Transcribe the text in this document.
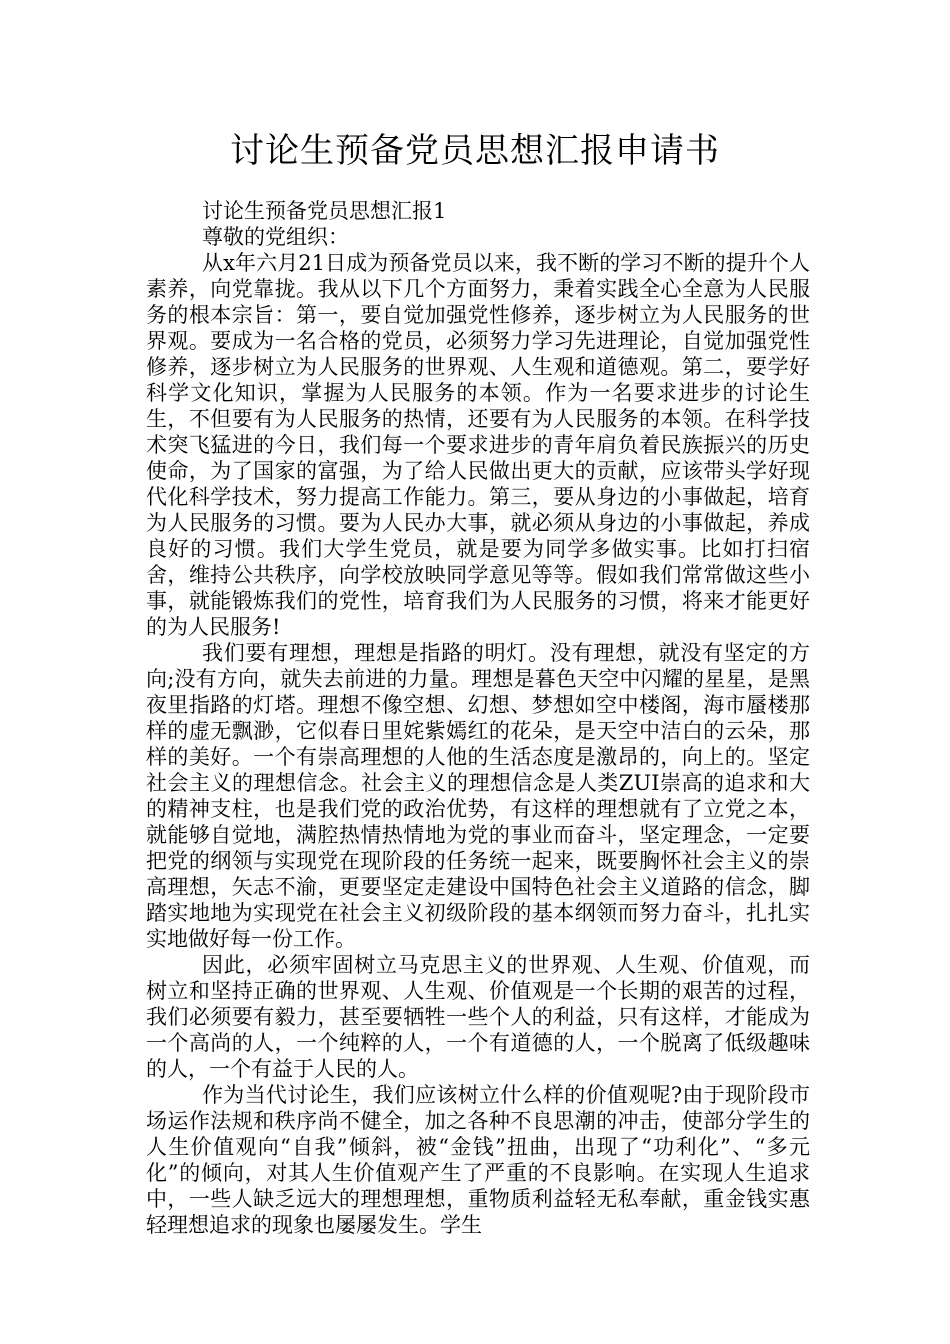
讨论生预备党员思想汇报申请书

讨论生预备党员思想汇报1

尊敬的党组织：

从x年六月21日成为预备党员以来，我不断的学习不断的提升个人素养，向党靠拢。我从以下几个方面努力，秉着实践全心全意为人民服务的根本宗旨：第一，要自觉加强党性修养，逐步树立为人民服务的世界观。要成为一名合格的党员，必须努力学习先进理论，自觉加强党性修养，逐步树立为人民服务的世界观、人生观和道德观。第二，要学好科学文化知识，掌握为人民服务的本领。作为一名要求进步的讨论生生，不但要有为人民服务的热情，还要有为人民服务的本领。在科学技术突飞猛进的今日，我们每一个要求进步的青年肩负着民族振兴的历史使命，为了国家的富强，为了给人民做出更大的贡献，应该带头学好现代化科学技术，努力提高工作能力。第三，要从身边的小事做起，培育为人民服务的习惯。要为人民办大事，就必须从身边的小事做起，养成良好的习惯。我们大学生党员，就是要为同学多做实事。比如打扫宿舍，维持公共秩序，向学校放映同学意见等等。假如我们常常做这些小事，就能锻炼我们的党性，培育我们为人民服务的习惯，将来才能更好的为人民服务!

我们要有理想，理想是指路的明灯。没有理想，就没有坚定的方向;没有方向，就失去前进的力量。理想是暮色天空中闪耀的星星，是黑夜里指路的灯塔。理想不像空想、幻想、梦想如空中楼阁，海市蜃楼那样的虚无飘渺，它似春日里姹紫嫣红的花朵，是天空中洁白的云朵，那样的美好。一个有崇高理想的人他的生活态度是激昂的，向上的。坚定社会主义的理想信念。社会主义的理想信念是人类ZUI崇高的追求和大的精神支柱，也是我们党的政治优势，有这样的理想就有了立党之本，就能够自觉地，满腔热情热情地为党的事业而奋斗，坚定理念，一定要把党的纲领与实现党在现阶段的任务统一起来，既要胸怀社会主义的崇高理想，矢志不渝，更要坚定走建设中国特色社会主义道路的信念，脚踏实地地为实现党在社会主义初级阶段的基本纲领而努力奋斗，扎扎实实地做好每一份工作。

因此，必须牢固树立马克思主义的世界观、人生观、价值观，而树立和坚持正确的世界观、人生观、价值观是一个长期的艰苦的过程，我们必须要有毅力，甚至要牺牲一些个人的利益，只有这样，才能成为一个高尚的人，一个纯粹的人，一个有道德的人，一个脱离了低级趣味的人，一个有益于人民的人。

作为当代讨论生，我们应该树立什么样的价值观呢?由于现阶段市场运作法规和秩序尚不健全，加之各种不良思潮的冲击，使部分学生的人生价值观向“自我”倾斜，被“金钱”扭曲，出现了“功利化”、“多元化”的倾向，对其人生价值观产生了严重的不良影响。在实现人生追求中，一些人缺乏远大的理想理想，重物质利益轻无私奉献，重金钱实惠轻理想追求的现象也屡屡发生。学生
